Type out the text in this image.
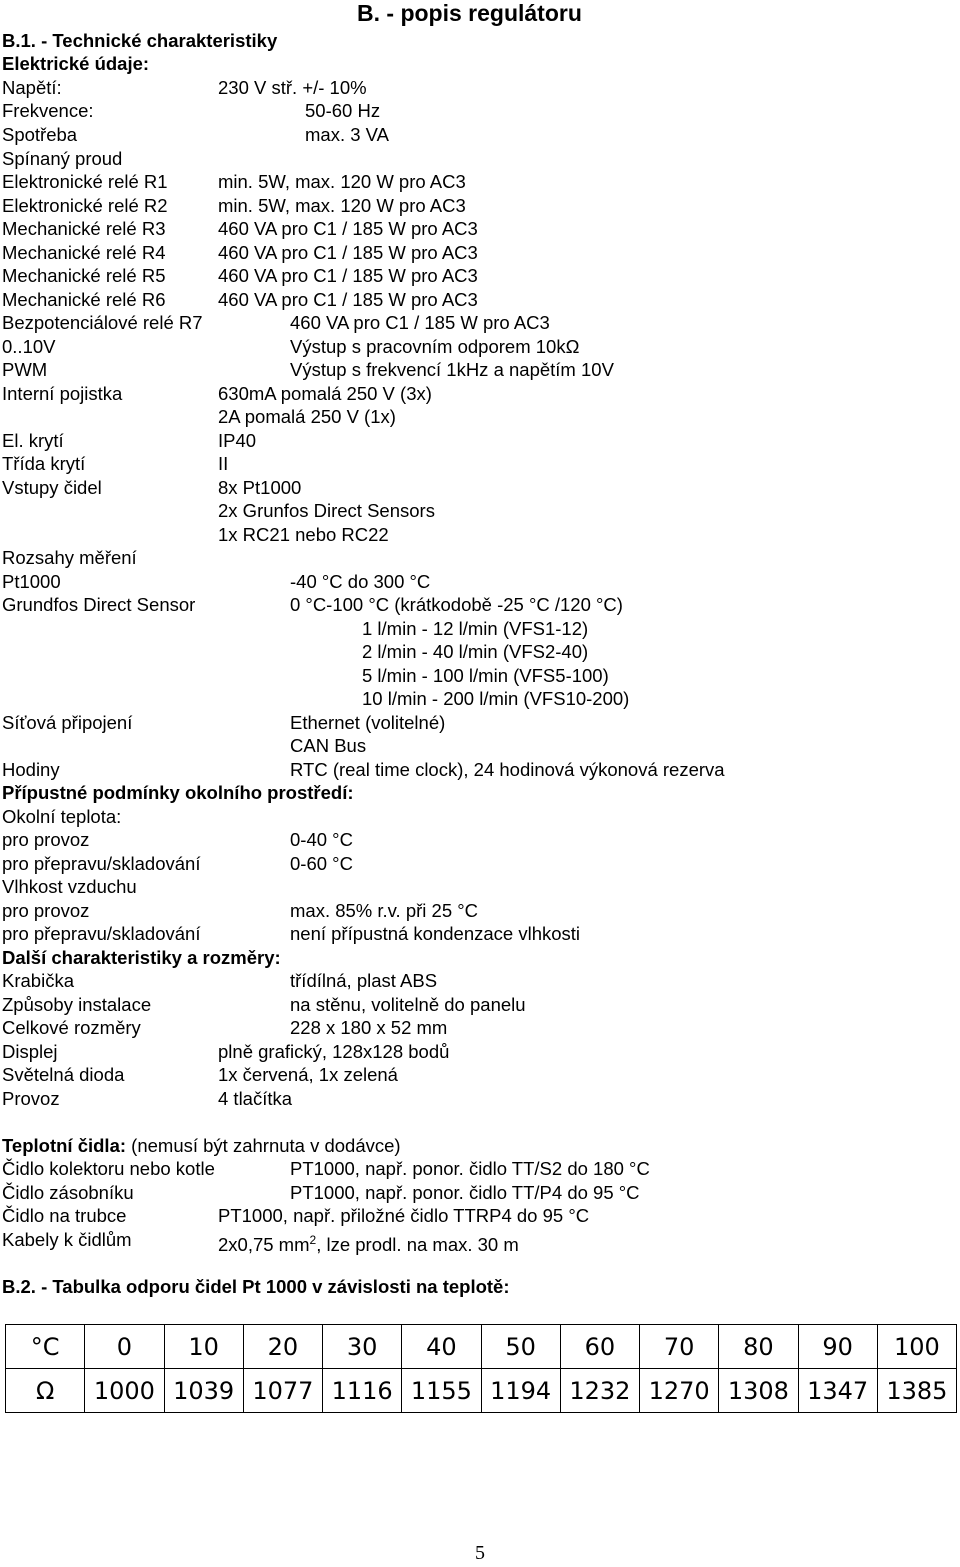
B. - popis regulátoru
B.1. - Technické charakteristiky
Elektrické údaje:
Napětí:	230 V stř. +/- 10%
Frekvence:	50-60 Hz
Spotřeba	max. 3 VA
Spínaný proud
Elektronické relé R1	min. 5W, max. 120 W pro AC3
Elektronické relé R2	min. 5W, max. 120 W pro AC3
Mechanické relé R3	460 VA pro C1 / 185 W pro AC3
Mechanické relé R4	460 VA pro C1 / 185 W pro AC3
Mechanické relé R5	460 VA pro C1 / 185 W pro AC3
Mechanické relé R6	460 VA pro C1 / 185 W pro AC3
Bezpotenciálové relé R7	460 VA pro C1 / 185 W pro AC3
0..10V	Výstup s pracovním odporem 10kΩ
PWM	Výstup s frekvencí 1kHz a napětím 10V
Interní pojistka	630mA pomalá 250 V (3x)
2A pomalá 250 V (1x)
El. krytí	IP40
Třída krytí	II
Vstupy čidel	8x Pt1000
2x Grunfos Direct Sensors
1x RC21 nebo RC22
Rozsahy měření
Pt1000	-40 °C do 300 °C
Grundfos Direct Sensor	0 °C-100 °C (krátkodobě -25 °C /120 °C)
1 l/min - 12 l/min (VFS1-12)
2 l/min - 40 l/min (VFS2-40)
5 l/min - 100 l/min (VFS5-100)
10 l/min - 200 l/min (VFS10-200)
Síťová připojení	Ethernet (volitelné)
CAN Bus
Hodiny	RTC (real time clock), 24 hodinová výkonová rezerva
Přípustné podmínky okolního prostředí:
Okolní teplota:
pro provoz	0-40 °C
pro přepravu/skladování	0-60 °C
Vlhkost vzduchu
pro provoz	max. 85% r.v. při 25 °C
pro přepravu/skladování	není přípustná kondenzace vlhkosti
Další charakteristiky a rozměry:
Krabička	třídílná, plast ABS
Způsoby instalace	na stěnu, volitelně do panelu
Celkové rozměry	228 x 180 x 52 mm
Displej	plně grafický, 128x128 bodů
Světelná dioda	1x červená, 1x zelená
Provoz	4 tlačítka
Teplotní čidla: (nemusí být zahrnuta v dodávce)
Čidlo kolektoru nebo kotle	PT1000, např. ponor. čidlo TT/S2 do 180 °C
Čidlo zásobníku	PT1000, např. ponor. čidlo TT/P4 do 95 °C
Čidlo na trubce	PT1000, např. přiložné čidlo TTRP4 do 95 °C
Kabely k čidlům	2x0,75 $mm^2$, lze prodl. na max. 30 m
B.2. - Tabulka odporu čidel Pt 1000 v závislosti na teplotě:
°C	0	10	20	30	40	50	60	70	80	90	100
Ω	1000	1039	1077	1116	1155	1194	1232	1270	1308	1347	1385
5
